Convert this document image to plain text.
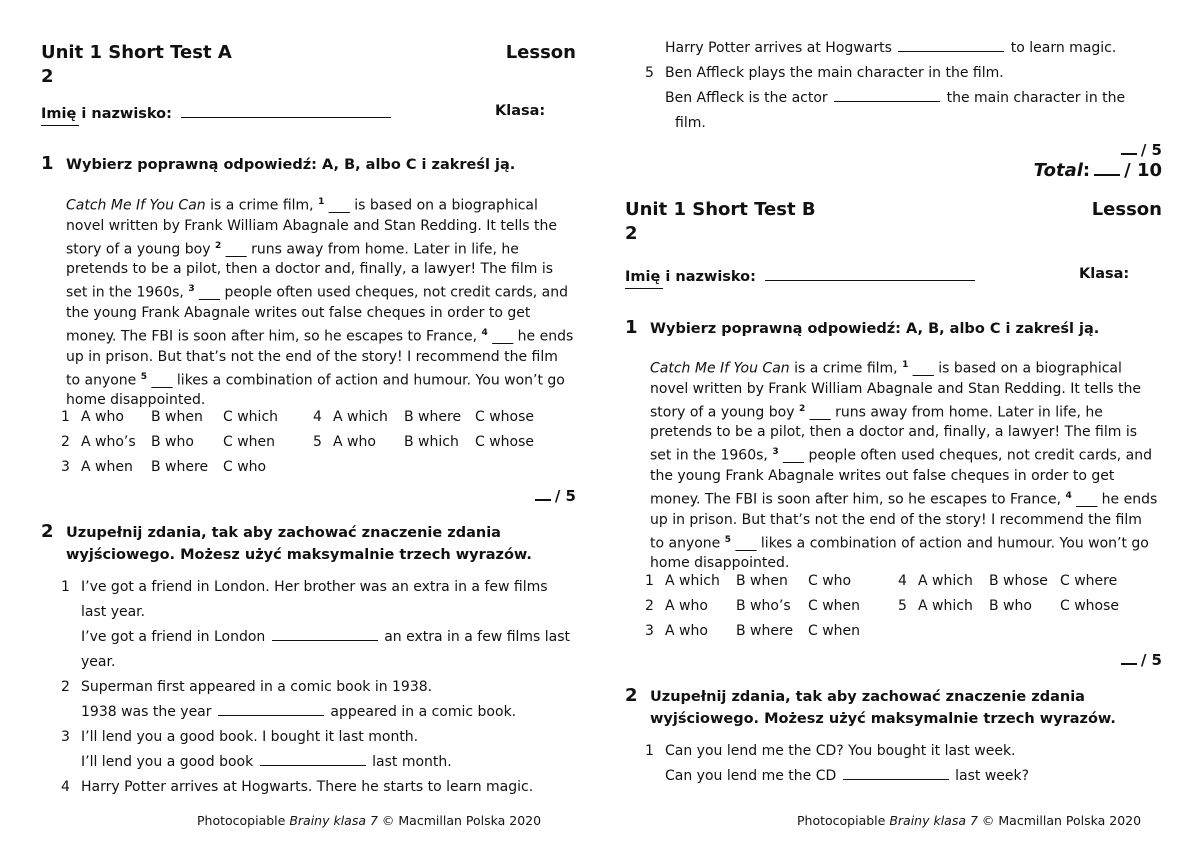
Unit 1 Short Test A	Lesson
2
Imię i nazwisko:	Klasa:
1 Wybierz poprawną odpowiedź: A, B, albo C i zakreśl ją.
Catch Me If You Can is a crime film, $^1$ ___ is based on a biographical novel written by Frank William Abagnale and Stan Redding. It tells the story of a young boy $^2$ ___ runs away from home. Later in life, he pretends to be a pilot, then a doctor and, finally, a lawyer! The film is set in the 1960s, $^3$ ___ people often used cheques, not credit cards, and the young Frank Abagnale writes out false cheques in order to get money. The FBI is soon after him, so he escapes to France, $^4$ ___ he ends up in prison. But that’s not the end of the story! I recommend the film to anyone $^5$ ___ likes a combination of action and humour. You won’t go home disappointed.
1 A who B when C which 4 A which B where C whose
2 A who’s B who C when	5 A who B which C whose
3 A when B where C who
/ 5
2 Uzupełnij zdania, tak aby zachować znaczenie zdania
wyjściowego. Możesz użyć maksymalnie trzech wyrazów.
1 I’ve got a friend in London. Her brother was an extra in a few films
last year.
I’ve got a friend in London	an extra in a few films last
year.
2 Superman first appeared in a comic book in 1938.
1938 was the year	appeared in a comic book.
3 I’ll lend you a good book. I bought it last month.
I’ll lend you a good book	last month.
4 Harry Potter arrives at Hogwarts. There he starts to learn magic.
Photocopiable Brainy klasa 7 © Macmillan Polska 2020
Harry Potter arrives at Hogwarts	to learn magic.
5 Ben Affleck plays the main character in the film.
Ben Affleck is the actor	the main character in the
film.
/ 5
Total: / 10
Unit 1 Short Test B	Lesson
2
Imię i nazwisko:	Klasa:
1 Wybierz poprawną odpowiedź: A, B, albo C i zakreśl ją.
Catch Me If You Can is a crime film, $^1$ ___ is based on a biographical novel written by Frank William Abagnale and Stan Redding. It tells the story of a young boy $^2$ ___ runs away from home. Later in life, he pretends to be a pilot, then a doctor and, finally, a lawyer! The film is set in the 1960s, $^3$ ___ people often used cheques, not credit cards, and the young Frank Abagnale writes out false cheques in order to get money. The FBI is soon after him, so he escapes to France, $^4$ ___ he ends up in prison. But that’s not the end of the story! I recommend the film to anyone $^5$ ___ likes a combination of action and humour. You won’t go home disappointed.
1 A which B when C who	4 A which B whose C where
2 A who B who’s C when	5 A which B who C whose
3 A who B where C when
/ 5
2 Uzupełnij zdania, tak aby zachować znaczenie zdania
wyjściowego. Możesz użyć maksymalnie trzech wyrazów.
1 Can you lend me the CD? You bought it last week.
Can you lend me the CD	last week?
Photocopiable Brainy klasa 7 © Macmillan Polska 2020
